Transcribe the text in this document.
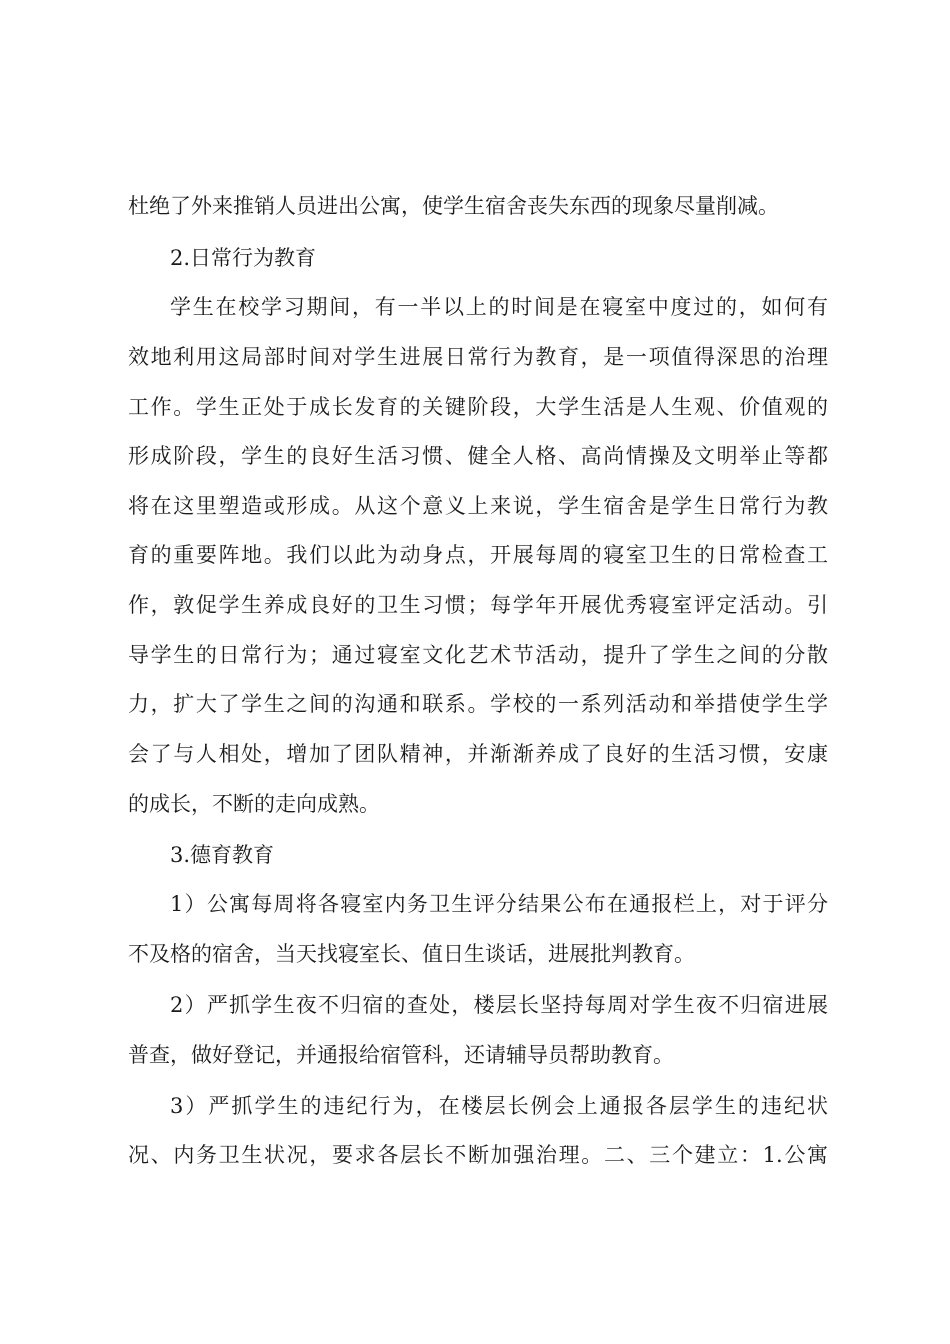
杜绝了外来推销人员进出公寓，使学生宿舍丧失东西的现象尽量削减。
2.日常行为教育
学生在校学习期间，有一半以上的时间是在寝室中度过的，如何有
效地利用这局部时间对学生进展日常行为教育，是一项值得深思的治理
工作。学生正处于成长发育的关键阶段，大学生活是人生观、价值观的
形成阶段，学生的良好生活习惯、健全人格、高尚情操及文明举止等都
将在这里塑造或形成。从这个意义上来说，学生宿舍是学生日常行为教
育的重要阵地。我们以此为动身点，开展每周的寝室卫生的日常检查工
作，敦促学生养成良好的卫生习惯；每学年开展优秀寝室评定活动。引
导学生的日常行为；通过寝室文化艺术节活动，提升了学生之间的分散
力，扩大了学生之间的沟通和联系。学校的一系列活动和举措使学生学
会了与人相处，增加了团队精神，并渐渐养成了良好的生活习惯，安康
的成长，不断的走向成熟。
3.德育教育
1）公寓每周将各寝室内务卫生评分结果公布在通报栏上，对于评分
不及格的宿舍，当天找寝室长、值日生谈话，进展批判教育。
2）严抓学生夜不归宿的查处，楼层长坚持每周对学生夜不归宿进展
普查，做好登记，并通报给宿管科，还请辅导员帮助教育。
3）严抓学生的违纪行为，在楼层长例会上通报各层学生的违纪状
况、内务卫生状况，要求各层长不断加强治理。二、三个建立：1.公寓
